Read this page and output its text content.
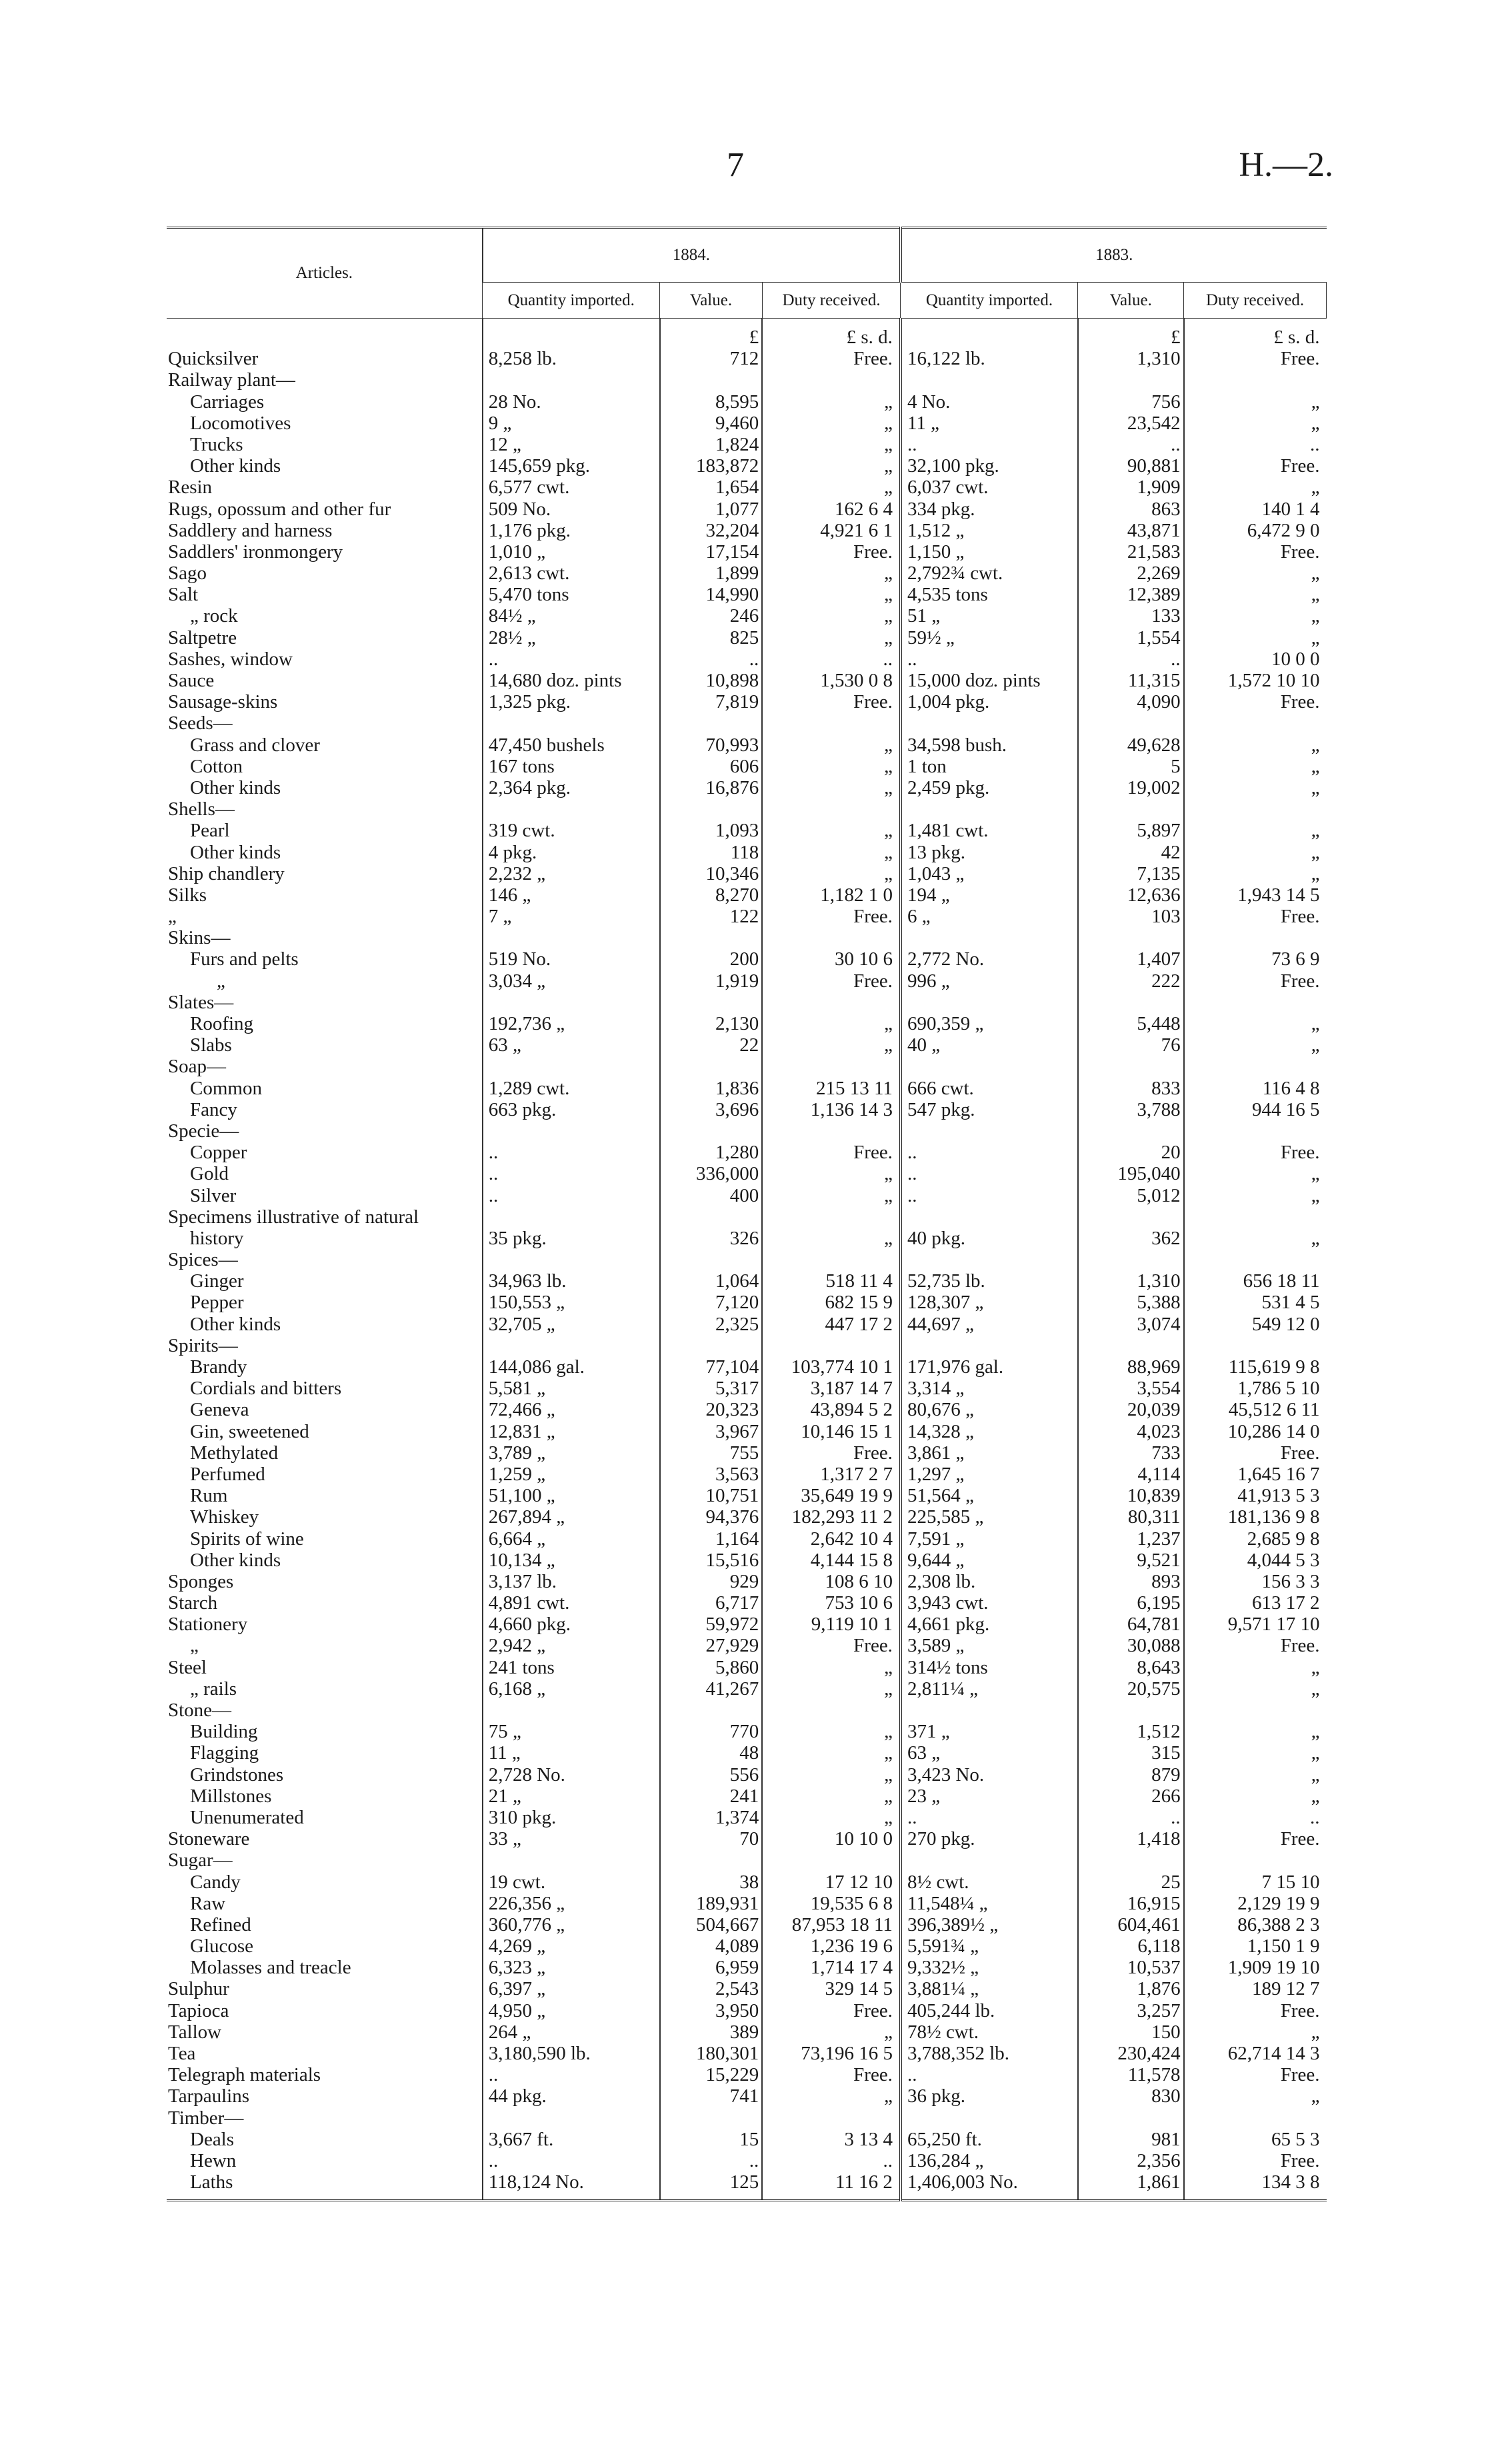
7	H.—2.
Articles.	1884.			1883.		
	Quantity imported.	Value.	Duty received.	Quantity imported.	Value.	Duty received.
		£	£ s. d.		£	£ s. d.
Quicksilver	8,258 lb.	712	Free.	16,122 lb.	1,310	Free.
Railway plant—						
Carriages	28 No.	8,595	„	4 No.	756	„
Locomotives	9 „	9,460	„	11 „	23,542	„
Trucks	12 „	1,824	„	..	..	..
Other kinds	145,659 pkg.	183,872	„	32,100 pkg.	90,881	Free.
Resin	6,577 cwt.	1,654	„	6,037 cwt.	1,909	„
Rugs, opossum and other fur	509 No.	1,077	162 6 4	334 pkg.	863	140 1 4
Saddlery and harness	1,176 pkg.	32,204	4,921 6 1	1,512 „	43,871	6,472 9 0
Saddlers' ironmongery	1,010 „	17,154	Free.	1,150 „	21,583	Free.
Sago	2,613 cwt.	1,899	„	2,792¾ cwt.	2,269	„
Salt	5,470 tons	14,990	„	4,535 tons	12,389	„
„ rock	84½ „	246	„	51 „	133	„
Saltpetre	28½ „	825	„	59½ „	1,554	„
Sashes, window	..	..	..	..	..	10 0 0
Sauce	14,680 doz. pints	10,898	1,530 0 8	15,000 doz. pints	11,315	1,572 10 10
Sausage-skins	1,325 pkg.	7,819	Free.	1,004 pkg.	4,090	Free.
Seeds—						
Grass and clover	47,450 bushels	70,993	„	34,598 bush.	49,628	„
Cotton	167 tons	606	„	1 ton	5	„
Other kinds	2,364 pkg.	16,876	„	2,459 pkg.	19,002	„
Shells—						
Pearl	319 cwt.	1,093	„	1,481 cwt.	5,897	„
Other kinds	4 pkg.	118	„	13 pkg.	42	„
Ship chandlery	2,232 „	10,346	„	1,043 „	7,135	„
Silks	146 „	8,270	1,182 1 0	194 „	12,636	1,943 14 5
„	7 „	122	Free.	6 „	103	Free.
Skins—						
Furs and pelts	519 No.	200	30 10 6	2,772 No.	1,407	73 6 9
„	3,034 „	1,919	Free.	996 „	222	Free.
Slates—						
Roofing	192,736 „	2,130	„	690,359 „	5,448	„
Slabs	63 „	22	„	40 „	76	„
Soap—						
Common	1,289 cwt.	1,836	215 13 11	666 cwt.	833	116 4 8
Fancy	663 pkg.	3,696	1,136 14 3	547 pkg.	3,788	944 16 5
Specie—						
Copper	..	1,280	Free.	..	20	Free.
Gold	..	336,000	„	..	195,040	„
Silver	..	400	„	..	5,012	„
Specimens illustrative of natural						
history	35 pkg.	326	„	40 pkg.	362	„
Spices—						
Ginger	34,963 lb.	1,064	518 11 4	52,735 lb.	1,310	656 18 11
Pepper	150,553 „	7,120	682 15 9	128,307 „	5,388	531 4 5
Other kinds	32,705 „	2,325	447 17 2	44,697 „	3,074	549 12 0
Spirits—						
Brandy	144,086 gal.	77,104	103,774 10 1	171,976 gal.	88,969	115,619 9 8
Cordials and bitters	5,581 „	5,317	3,187 14 7	3,314 „	3,554	1,786 5 10
Geneva	72,466 „	20,323	43,894 5 2	80,676 „	20,039	45,512 6 11
Gin, sweetened	12,831 „	3,967	10,146 15 1	14,328 „	4,023	10,286 14 0
Methylated	3,789 „	755	Free.	3,861 „	733	Free.
Perfumed	1,259 „	3,563	1,317 2 7	1,297 „	4,114	1,645 16 7
Rum	51,100 „	10,751	35,649 19 9	51,564 „	10,839	41,913 5 3
Whiskey	267,894 „	94,376	182,293 11 2	225,585 „	80,311	181,136 9 8
Spirits of wine	6,664 „	1,164	2,642 10 4	7,591 „	1,237	2,685 9 8
Other kinds	10,134 „	15,516	4,144 15 8	9,644 „	9,521	4,044 5 3
Sponges	3,137 lb.	929	108 6 10	2,308 lb.	893	156 3 3
Starch	4,891 cwt.	6,717	753 10 6	3,943 cwt.	6,195	613 17 2
Stationery	4,660 pkg.	59,972	9,119 10 1	4,661 pkg.	64,781	9,571 17 10
„	2,942 „	27,929	Free.	3,589 „	30,088	Free.
Steel	241 tons	5,860	„	314½ tons	8,643	„
„ rails	6,168 „	41,267	„	2,811¼ „	20,575	„
Stone—						
Building	75 „	770	„	371 „	1,512	„
Flagging	11 „	48	„	63 „	315	„
Grindstones	2,728 No.	556	„	3,423 No.	879	„
Millstones	21 „	241	„	23 „	266	„
Unenumerated	310 pkg.	1,374	„	..	..	..
Stoneware	33 „	70	10 10 0	270 pkg.	1,418	Free.
Sugar—						
Candy	19 cwt.	38	17 12 10	8½ cwt.	25	7 15 10
Raw	226,356 „	189,931	19,535 6 8	11,548¼ „	16,915	2,129 19 9
Refined	360,776 „	504,667	87,953 18 11	396,389½ „	604,461	86,388 2 3
Glucose	4,269 „	4,089	1,236 19 6	5,591¾ „	6,118	1,150 1 9
Molasses and treacle	6,323 „	6,959	1,714 17 4	9,332½ „	10,537	1,909 19 10
Sulphur	6,397 „	2,543	329 14 5	3,881¼ „	1,876	189 12 7
Tapioca	4,950 „	3,950	Free.	405,244 lb.	3,257	Free.
Tallow	264 „	389	„	78½ cwt.	150	„
Tea	3,180,590 lb.	180,301	73,196 16 5	3,788,352 lb.	230,424	62,714 14 3
Telegraph materials	..	15,229	Free.	..	11,578	Free.
Tarpaulins	44 pkg.	741	„	36 pkg.	830	„
Timber—						
Deals	3,667 ft.	15	3 13 4	65,250 ft.	981	65 5 3
Hewn	..	..	..	136,284 „	2,356	Free.
Laths	118,124 No.	125	11 16 2	1,406,003 No.	1,861	134 3 8
